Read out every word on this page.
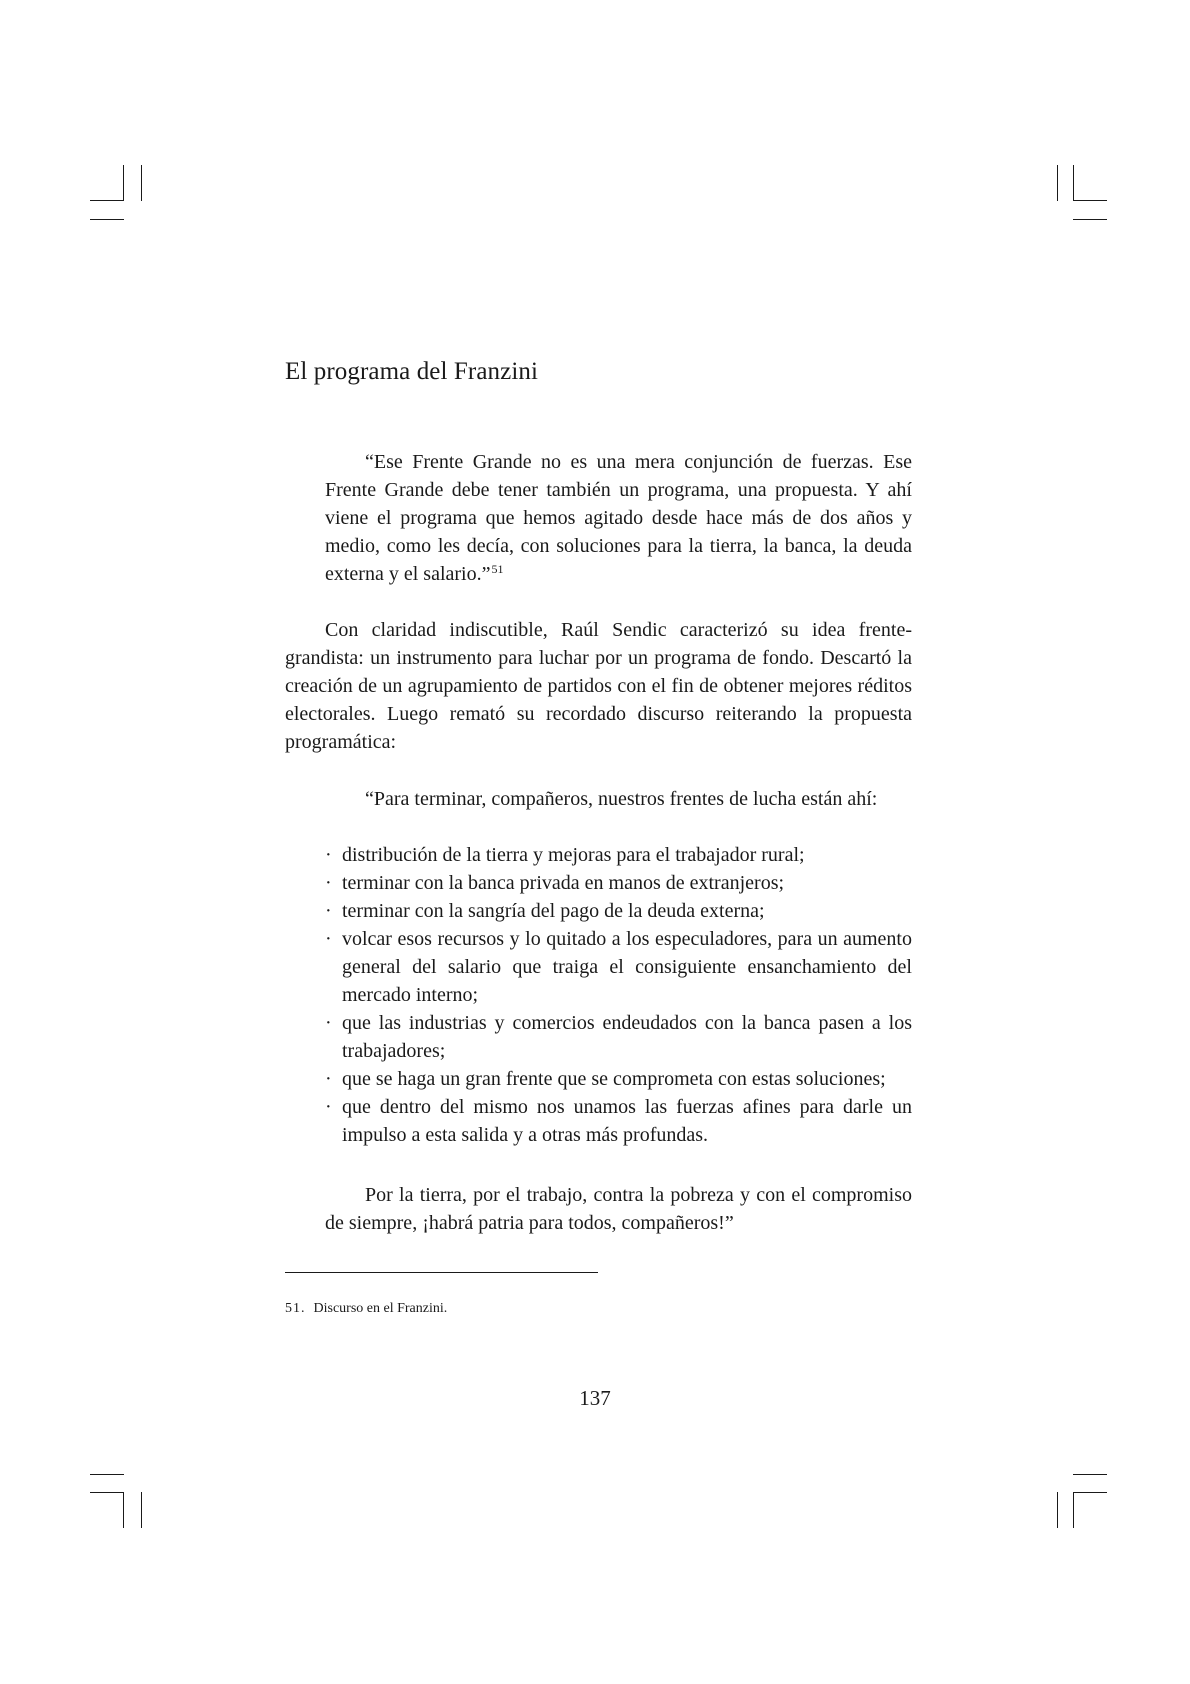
El programa del Franzini

“Ese Frente Grande no es una mera conjunción de fuerzas. Ese Frente Grande debe tener también un programa, una propuesta. Y ahí viene el programa que hemos agitado desde hace más de dos años y medio, como les decía, con soluciones para la tierra, la banca, la deuda externa y el salario.”$^{51}$

Con claridad indiscutible, Raúl Sendic caracterizó su idea frentegrandista: un instrumento para luchar por un programa de fondo. Descartó la creación de un agrupamiento de partidos con el fin de obtener mejores réditos electorales. Luego remató su recordado discurso reiterando la propuesta programática:

“Para terminar, compañeros, nuestros frentes de lucha están ahí:

· distribución de la tierra y mejoras para el trabajador rural;
· terminar con la banca privada en manos de extranjeros;
· terminar con la sangría del pago de la deuda externa;
· volcar esos recursos y lo quitado a los especuladores, para un aumento general del salario que traiga el consiguiente ensanchamiento del mercado interno;
· que las industrias y comercios endeudados con la banca pasen a los trabajadores;
· que se haga un gran frente que se comprometa con estas soluciones;
· que dentro del mismo nos unamos las fuerzas afines para darle un impulso a esta salida y a otras más profundas.

Por la tierra, por el trabajo, contra la pobreza y con el compromiso de siempre, ¡habrá patria para todos, compañeros!”

51. Discurso en el Franzini.

137
